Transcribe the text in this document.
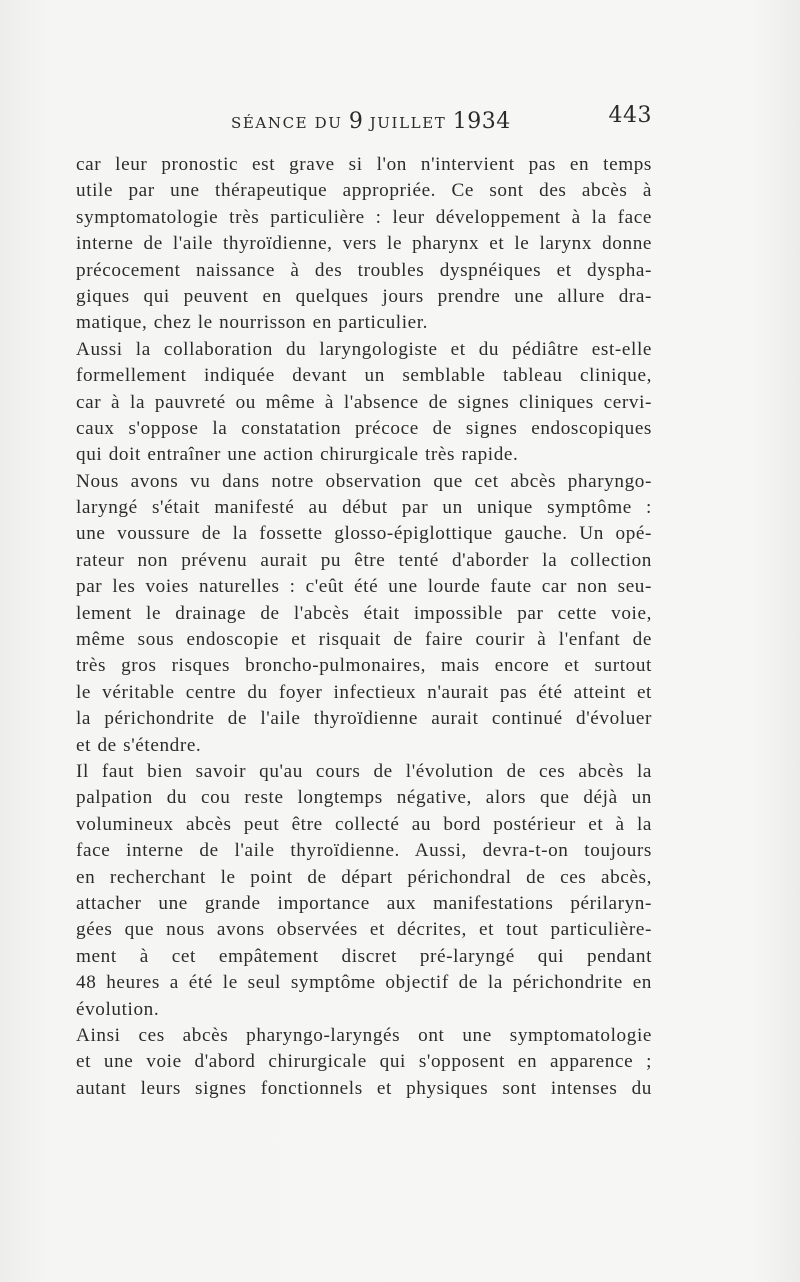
SÉANCE DU 9 JUILLET 1934	443
car leur pronostic est grave si l'on n'intervient pas en temps
utile par une thérapeutique appropriée. Ce sont des abcès à
symptomatologie très particulière : leur développement à la face
interne de l'aile thyroïdienne, vers le pharynx et le larynx donne
précocement naissance à des troubles dyspnéiques et dyspha-
giques qui peuvent en quelques jours prendre une allure dra-
matique, chez le nourrisson en particulier.
Aussi la collaboration du laryngologiste et du pédiâtre est-elle
formellement indiquée devant un semblable tableau clinique,
car à la pauvreté ou même à l'absence de signes cliniques cervi-
caux s'oppose la constatation précoce de signes endoscopiques
qui doit entraîner une action chirurgicale très rapide.
Nous avons vu dans notre observation que cet abcès pharyngo-
laryngé s'était manifesté au début par un unique symptôme :
une voussure de la fossette glosso-épiglottique gauche. Un opé-
rateur non prévenu aurait pu être tenté d'aborder la collection
par les voies naturelles : c'eût été une lourde faute car non seu-
lement le drainage de l'abcès était impossible par cette voie,
même sous endoscopie et risquait de faire courir à l'enfant de
très gros risques broncho-pulmonaires, mais encore et surtout
le véritable centre du foyer infectieux n'aurait pas été atteint et
la périchondrite de l'aile thyroïdienne aurait continué d'évoluer
et de s'étendre.
Il faut bien savoir qu'au cours de l'évolution de ces abcès la
palpation du cou reste longtemps négative, alors que déjà un
volumineux abcès peut être collecté au bord postérieur et à la
face interne de l'aile thyroïdienne. Aussi, devra-t-on toujours
en recherchant le point de départ périchondral de ces abcès,
attacher une grande importance aux manifestations périlaryn-
gées que nous avons observées et décrites, et tout particulière-
ment à cet empâtement discret pré-laryngé qui pendant
48 heures a été le seul symptôme objectif de la périchondrite en
évolution.
Ainsi ces abcès pharyngo-laryngés ont une symptomatologie
et une voie d'abord chirurgicale qui s'opposent en apparence ;
autant leurs signes fonctionnels et physiques sont intenses du
